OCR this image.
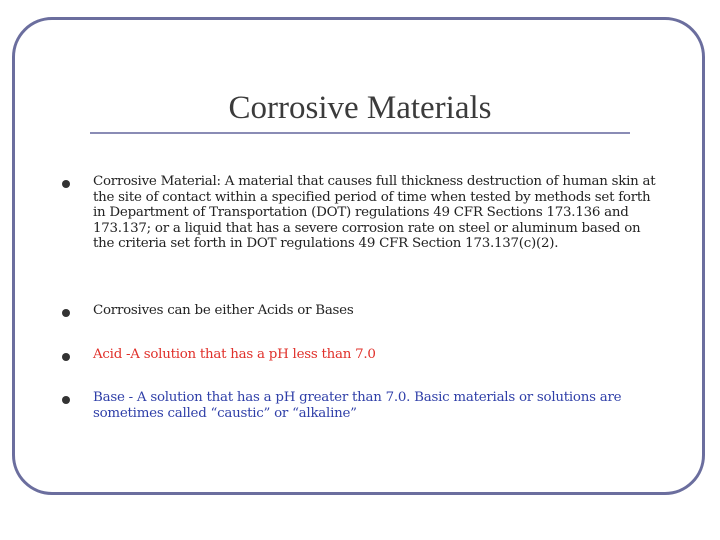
Corrosive Materials
Corrosive Material: A material that causes full thickness destruction of human skin at the site of contact within a specified period of time when tested by methods set forth in Department of Transportation (DOT) regulations 49 CFR Sections 173.136 and 173.137; or a liquid that has a severe corrosion rate on steel or aluminum based on the criteria set forth in DOT regulations 49 CFR Section 173.137(c)(2).
Corrosives can be either Acids or Bases
Acid -A solution that has a pH less than 7.0
Base - A solution that has a pH greater than 7.0. Basic materials or solutions are sometimes called “caustic” or “alkaline”
